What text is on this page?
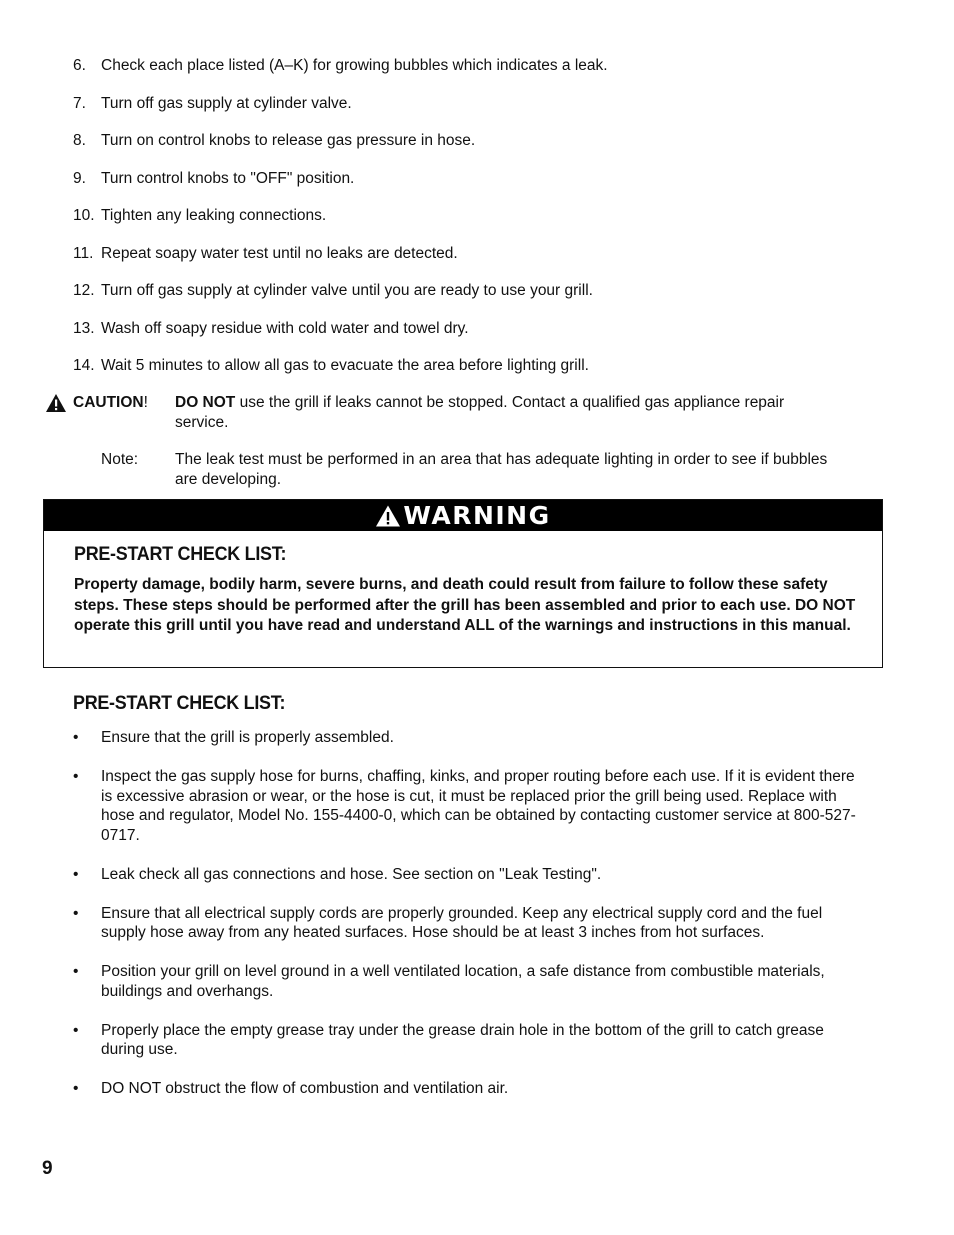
6. Check each place listed (A–K) for growing bubbles which indicates a leak.
7. Turn off gas supply at cylinder valve.
8. Turn on control knobs to release gas pressure in hose.
9. Turn control knobs to "OFF" position.
10. Tighten any leaking connections.
11. Repeat soapy water test until no leaks are detected.
12. Turn off gas supply at cylinder valve until you are ready to use your grill.
13. Wash off soapy residue with cold water and towel dry.
14. Wait 5 minutes to allow all gas to evacuate the area before lighting grill.
CAUTION ! DO NOT use the grill if leaks cannot be stopped. Contact a qualified gas appliance repair service.
Note:	The leak test must be performed in an area that has adequate lighting in order to see if bubbles are developing.
WARNING
PRE-START CHECK LIST:

Property damage, bodily harm, severe burns, and death could result from failure to follow these safety steps. These steps should be performed after the grill has been assembled and prior to each use. DO NOT operate this grill until you have read and understand ALL of the warnings and instructions in this manual.

PRE-START CHECK LIST:
•	Ensure that the grill is properly assembled.
•	Inspect the gas supply hose for burns, chaffing, kinks, and proper routing before each use. If it is evident there is excessive abrasion or wear, or the hose is cut, it must be replaced prior the grill being used. Replace with hose and regulator, Model No. 155-4400-0, which can be obtained by contacting customer service at 800-527-0717.
•	Leak check all gas connections and hose. See section on "Leak Testing".
•	Ensure that all electrical supply cords are properly grounded. Keep any electrical supply cord and the fuel supply hose away from any heated surfaces. Hose should be at least 3 inches from hot surfaces.
•	Position your grill on level ground in a well ventilated location, a safe distance from combustible materials, buildings and overhangs.
•	Properly place the empty grease tray under the grease drain hole in the bottom of the grill to catch grease during use.
•	DO NOT obstruct the flow of combustion and ventilation air.
9
